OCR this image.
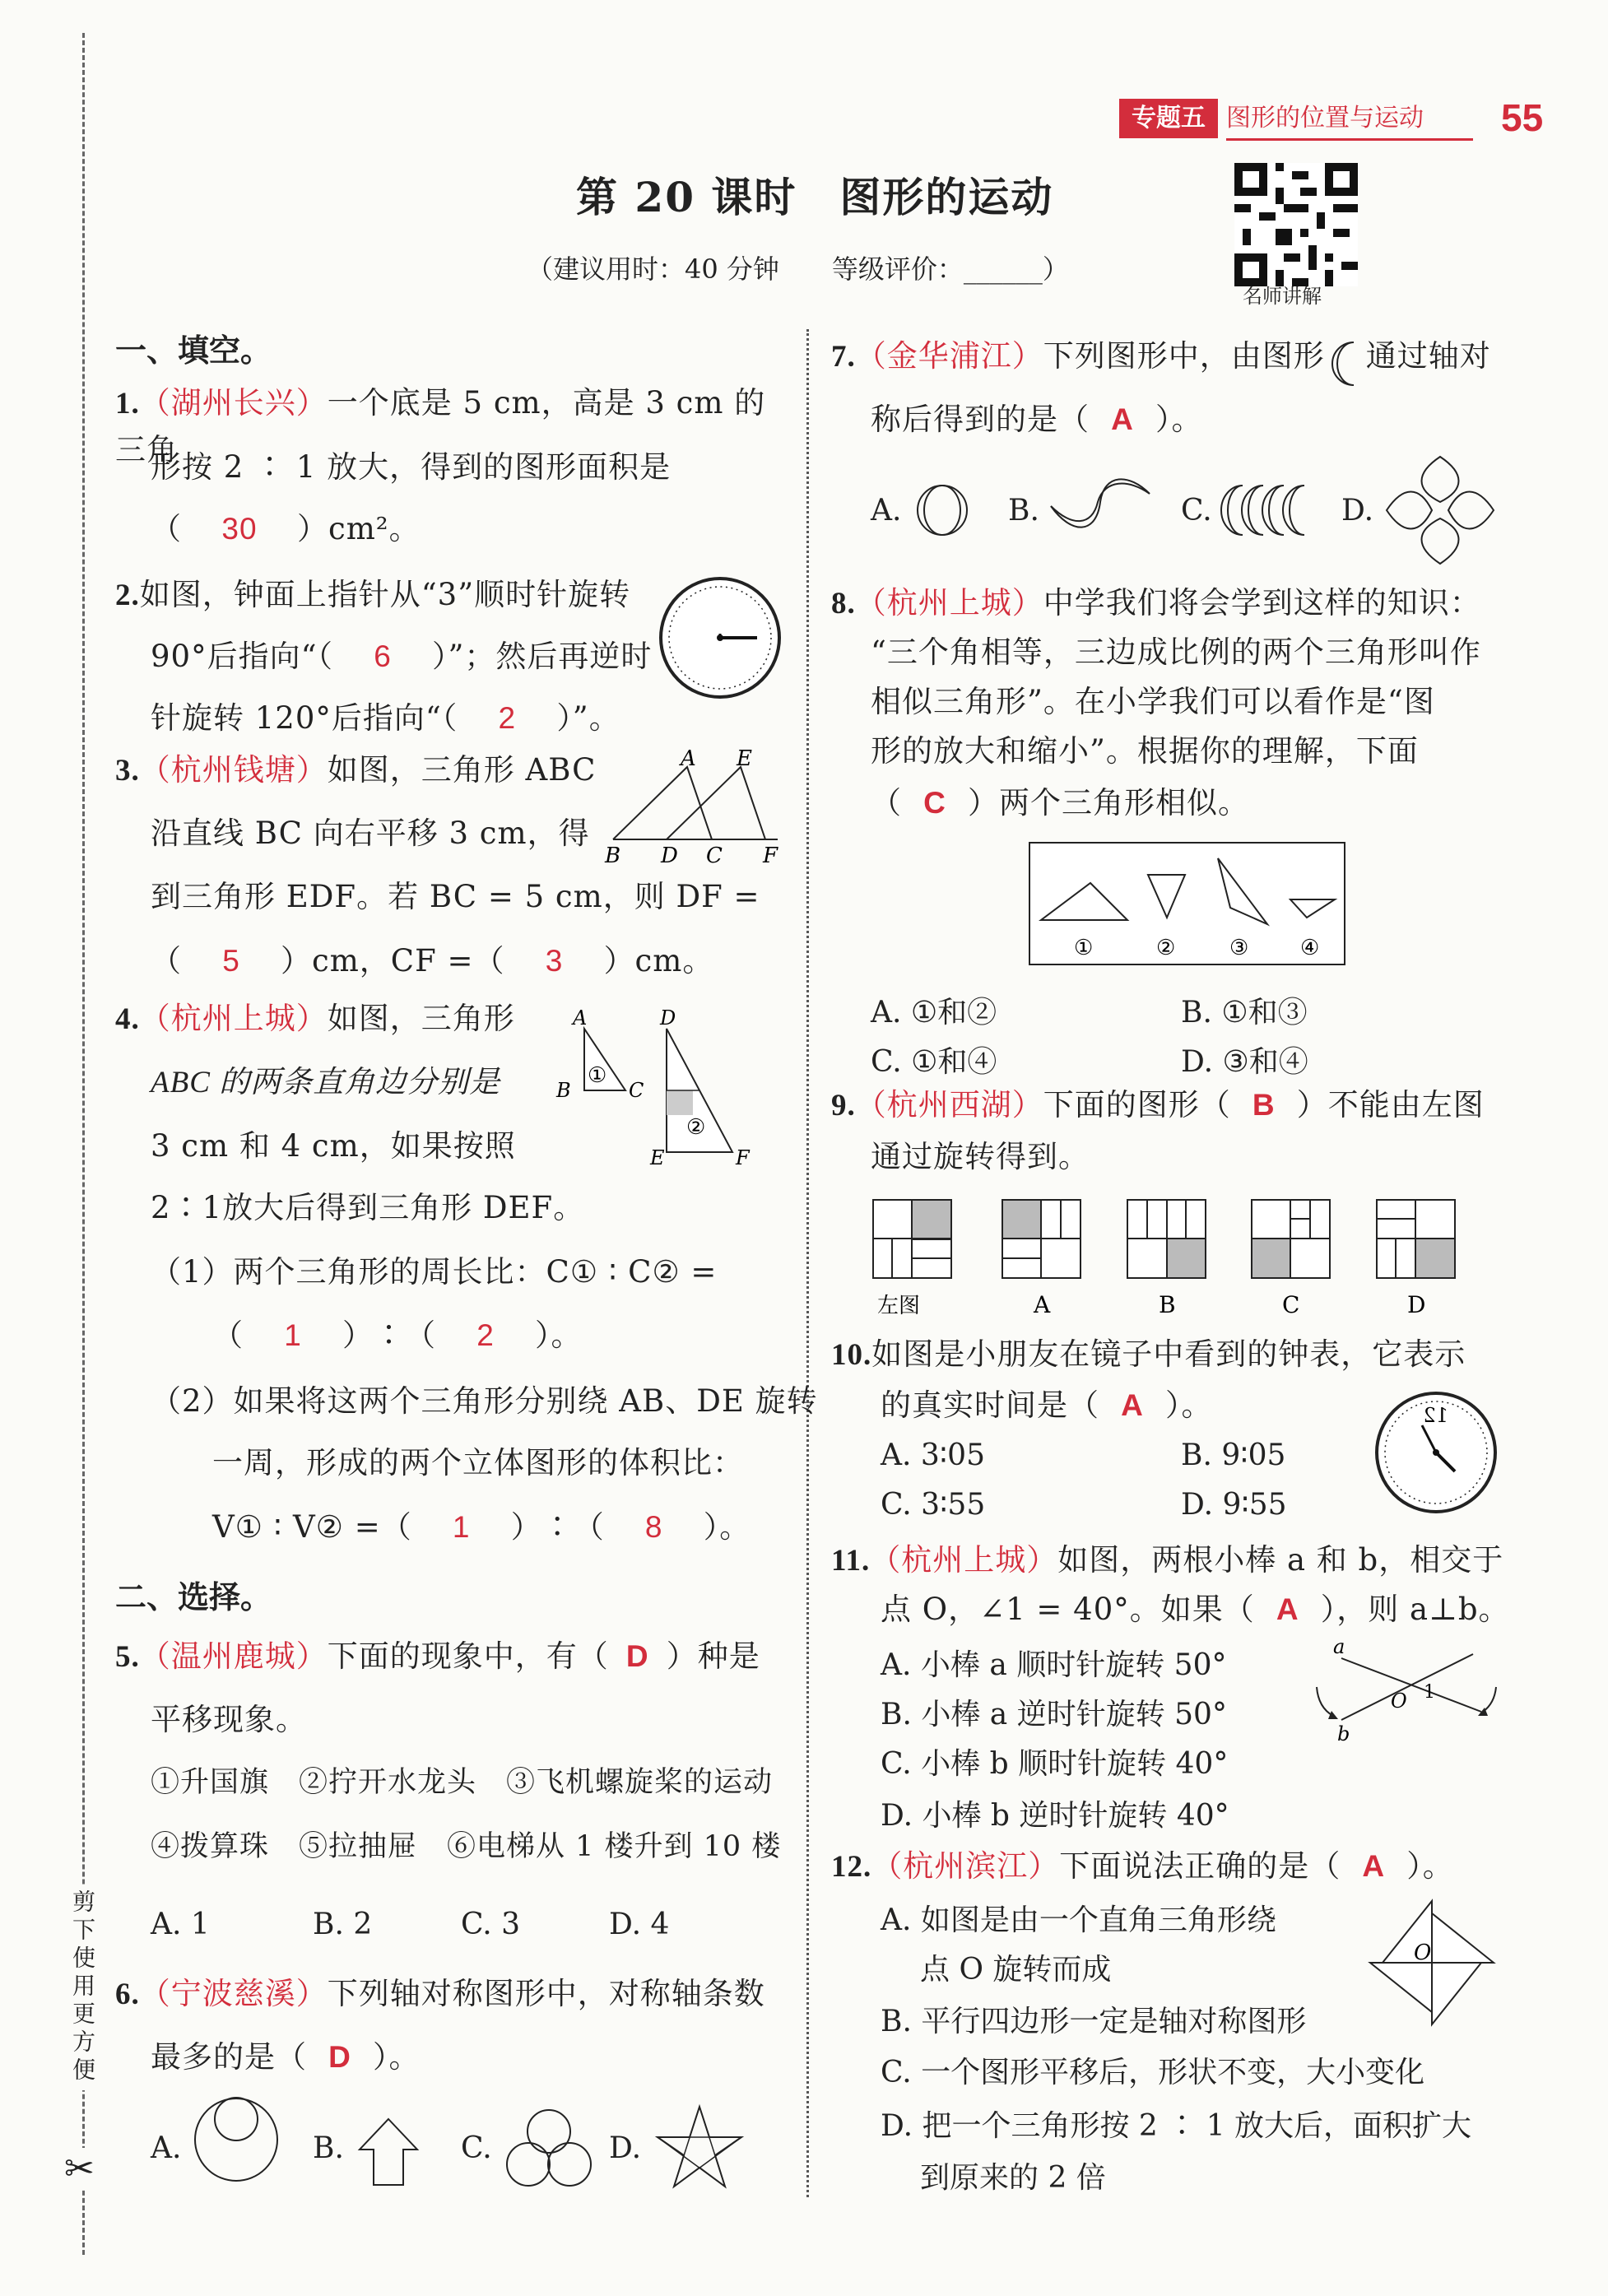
专题五 图形的位置与运动	55
第 20 课时　图形的运动
（建议用时：40 分钟　　等级评价：______）
名师讲解
剪下使用更方便
✂
一、填空。
1.（湖州长兴）一个底是 5 cm，高是 3 cm 的三角
形按 2 ∶ 1 放大，得到的图形面积是
（ 30 ）cm²。
2.如图，钟面上指针从“3”顺时针旋转
90°后指向“（ 6 ）”；然后再逆时
针旋转 120°后指向“（ 2 ）”。
3.（杭州钱塘）如图，三角形 ABC
沿直线 BC 向右平移 3 cm，得
到三角形 EDF。若 BC = 5 cm，则 DF =
（ 5 ）cm，CF =（ 3 ）cm。
A E
B D C F
4.（杭州上城）如图，三角形
ABC 的两条直角边分别是
3 cm 和 4 cm，如果按照
2∶1放大后得到三角形 DEF。
（1）两个三角形的周长比：C① ∶ C② =
（ 1 ）∶（ 2 ）。
（2）如果将这两个三角形分别绕 AB、DE 旋转
一周，形成的两个立体图形的体积比：
V① ∶ V② =（ 1 ）∶（ 8 ）。
A
B	C
D
E	F
①
②
二、选择。
5.（温州鹿城）下面的现象中，有（ D ）种是
平移现象。
①升国旗　②拧开水龙头　③飞机螺旋桨的运动
④拨算珠　⑤拉抽屉　⑥电梯从 1 楼升到 10 楼
A. 1	B. 2	C. 3	D. 4
6.（宁波慈溪）下列轴对称图形中，对称轴条数
最多的是（ D ）。
A.	B.	C.	D.
7.（金华浦江）下列图形中，由图形 通过轴对
称后得到的是（ A ）。
A.	B.	C.	D.
8.（杭州上城）中学我们将会学到这样的知识：
“三个角相等，三边成比例的两个三角形叫作
相似三角形”。在小学我们可以看作是“图
形的放大和缩小”。根据你的理解，下面
（ C ）两个三角形相似。
①	②	③ ④
A. ①和②	B. ①和③
C. ①和④	D. ③和④
9.（杭州西湖）下面的图形（ B ）不能由左图
通过旋转得到。
左图	A	B	C	D
10.如图是小朋友在镜子中看到的钟表，它表示
的真实时间是（ A ）。
A. 3∶05	B. 9∶05
C. 3∶55	D. 9∶55
12
11.（杭州上城）如图，两根小棒 a 和 b，相交于
点 O，∠1 = 40°。如果（ A ），则 a⊥b。
A. 小棒 a 顺时针旋转 50°
B. 小棒 a 逆时针旋转 50°
C. 小棒 b 顺时针旋转 40°
D. 小棒 b 逆时针旋转 40°
a
b
O 1
12.（杭州滨江）下面说法正确的是（ A ）。
A. 如图是由一个直角三角形绕
点 O 旋转而成
B. 平行四边形一定是轴对称图形
C. 一个图形平移后，形状不变，大小变化
D. 把一个三角形按 2 ∶ 1 放大后，面积扩大
到原来的 2 倍
O
